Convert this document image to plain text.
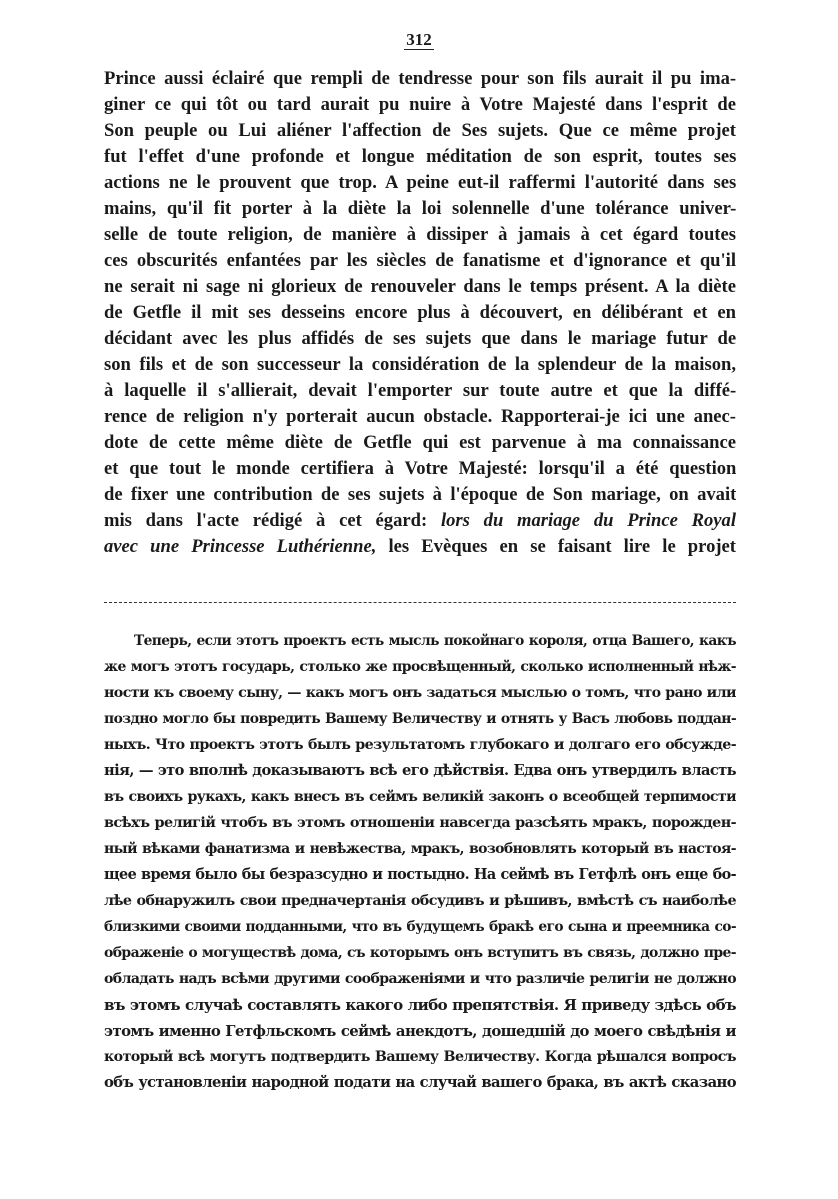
312
Prince aussi éclairé que rempli de tendresse pour son fils aurait il pu ima-
giner ce qui tôt ou tard aurait pu nuire à Votre Majesté dans l'esprit de
Son peuple ou Lui aliéner l'affection de Ses sujets. Que ce même projet
fut l'effet d'une profonde et longue méditation de son esprit, toutes ses
actions ne le prouvent que trop. A peine eut-il raffermi l'autorité dans ses
mains, qu'il fit porter à la diète la loi solennelle d'une tolérance univer-
selle de toute religion, de manière à dissiper à jamais à cet égard toutes
ces obscurités enfantées par les siècles de fanatisme et d'ignorance et qu'il
ne serait ni sage ni glorieux de renouveler dans le temps présent. A la diète
de Getfle il mit ses desseins encore plus à découvert, en délibérant et en
décidant avec les plus affidés de ses sujets que dans le mariage futur de
son fils et de son successeur la considération de la splendeur de la maison,
à laquelle il s'allierait, devait l'emporter sur toute autre et que la diffé-
rence de religion n'y porterait aucun obstacle. Rapporterai-je ici une anec-
dote de cette même diète de Getfle qui est parvenue à ma connaissance
et que tout le monde certifiera à Votre Majesté: lorsqu'il a été question
de fixer une contribution de ses sujets à l'époque de Son mariage, on avait
mis dans l'acte rédigé à cet égard: lors du mariage du Prince Royal
avec une Princesse Luthérienne, les Evèques en se faisant lire le projet
Теперь, если этотъ проектъ есть мысль покойнаго короля, отца Вашего, какъ
же могъ этотъ государь, столько же просвѣщенный, сколько исполненный нѣж-
ности къ своему сыну, — какъ могъ онъ задаться мыслью о томъ, что рано или
поздно могло бы повредить Вашему Величеству и отнять у Васъ любовь поддан-
ныхъ. Что проектъ этотъ былъ результатомъ глубокаго и долгаго его обсужде-
нія, — это вполнѣ доказываютъ всѣ его дѣйствія. Едва онъ утвердилъ власть
въ своихъ рукахъ, какъ внесъ въ сеймъ великій законъ о всеобщей терпимости
всѣхъ религій чтобъ въ этомъ отношеніи навсегда разсѣять мракъ, порожден-
ный вѣками фанатизма и невѣжества, мракъ, возобновлять который въ настоя-
щее время было бы безразсудно и постыдно. На сеймѣ въ Гетфлѣ онъ еще бо-
лѣе обнаружилъ свои предначертанія обсудивъ и рѣшивъ, вмѣстѣ съ наиболѣе
близкими своими подданными, что въ будущемъ бракѣ его сына и преемника со-
ображеніе о могуществѣ дома, съ которымъ онъ вступитъ въ связь, должно пре-
обладать надъ всѣми другими соображеніями и что различіе религіи не должно
въ этомъ случаѣ составлять какого либо препятствія. Я приведу здѣсь объ
этомъ именно Гетфльскомъ сеймѣ анекдотъ, дошедшій до моего свѣдѣнія и
который всѣ могутъ подтвердить Вашему Величеству. Когда рѣшался вопросъ
объ установленіи народной подати на случай вашего брака, въ актѣ сказано
